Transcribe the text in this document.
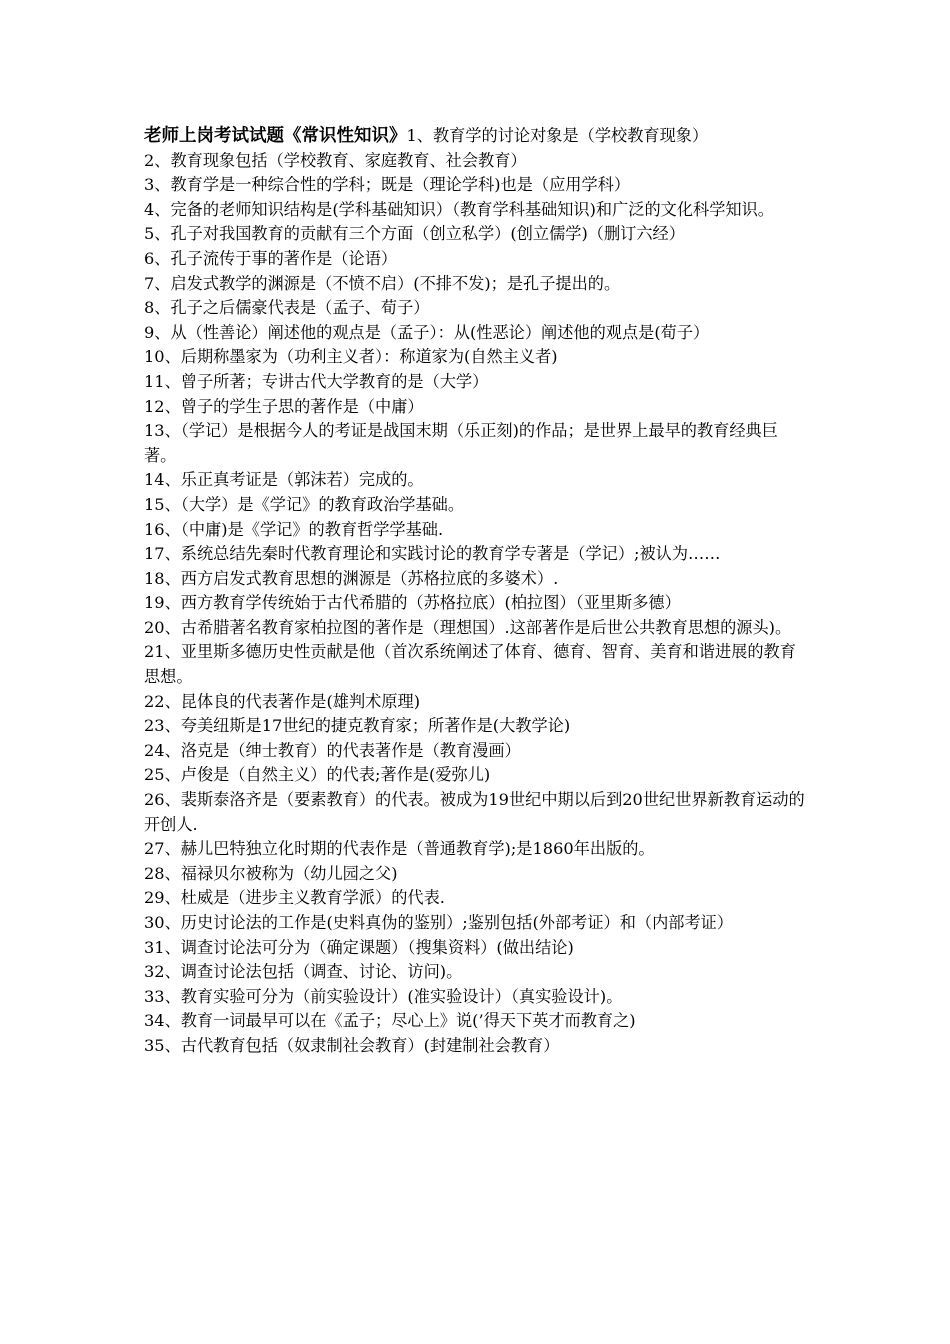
老师上岗考试试题《常识性知识》1、教育学的讨论对象是（学校教育现象）

2、教育现象包括（学校教育、家庭教育、社会教育）

3、教育学是一种综合性的学科；既是（理论学科)也是（应用学科）

4、完备的老师知识结构是(学科基础知识）（教育学科基础知识)和广泛的文化科学知识。

5、孔子对我国教育的贡献有三个方面（创立私学）(创立儒学)（删订六经）

6、孔子流传于事的著作是（论语）

7、启发式教学的渊源是（不愤不启）(不排不发)；是孔子提出的。

8、孔子之后儒豪代表是（孟子、荀子）

9、从（性善论）阐述他的观点是（孟子）：从(性恶论）阐述他的观点是(荀子）

10、后期称墨家为（功利主义者）：称道家为(自然主义者)

11、曾子所著；专讲古代大学教育的是（大学）

12、曾子的学生子思的著作是（中庸）

13、（学记）是根据今人的考证是战国末期（乐正刻)的作品；是世界上最早的教育经典巨著。

14、乐正真考证是（郭沫若）完成的。

15、（大学）是《学记》的教育政治学基础。

16、（中庸)是《学记》的教育哲学学基础.

17、系统总结先秦时代教育理论和实践讨论的教育学专著是（学记）;被认为……

18、西方启发式教育思想的渊源是（苏格拉底的多婆术）.

19、西方教育学传统始于古代希腊的（苏格拉底）(柏拉图）（亚里斯多德）

20、古希腊著名教育家柏拉图的著作是（理想国）.这部著作是后世公共教育思想的源头)。

21、亚里斯多德历史性贡献是他（首次系统阐述了体育、德育、智育、美育和谐进展的教育思想。

22、昆体良的代表著作是(雄判术原理)

23、夸美纽斯是17世纪的捷克教育家；所著作是(大教学论)

24、洛克是（绅士教育）的代表著作是（教育漫画）

25、卢俊是（自然主义）的代表;著作是(爱弥儿)

26、裴斯泰洛齐是（要素教育）的代表。被成为19世纪中期以后到20世纪世界新教育运动的开创人.

27、赫儿巴特独立化时期的代表作是（普通教育学);是1860年出版的。

28、福禄贝尔被称为（幼儿园之父)

29、杜威是（进步主义教育学派）的代表.

30、历史讨论法的工作是(史料真伪的鉴别）;鉴别包括(外部考证）和（内部考证）

31、调查讨论法可分为（确定课题）（搜集资料）(做出结论)

32、调查讨论法包括（调查、讨论、访问)。

33、教育实验可分为（前实验设计）(准实验设计）（真实验设计)。

34、教育一词最早可以在《孟子；尽心上》说(’得天下英才而教育之)

35、古代教育包括（奴隶制社会教育）(封建制社会教育）
